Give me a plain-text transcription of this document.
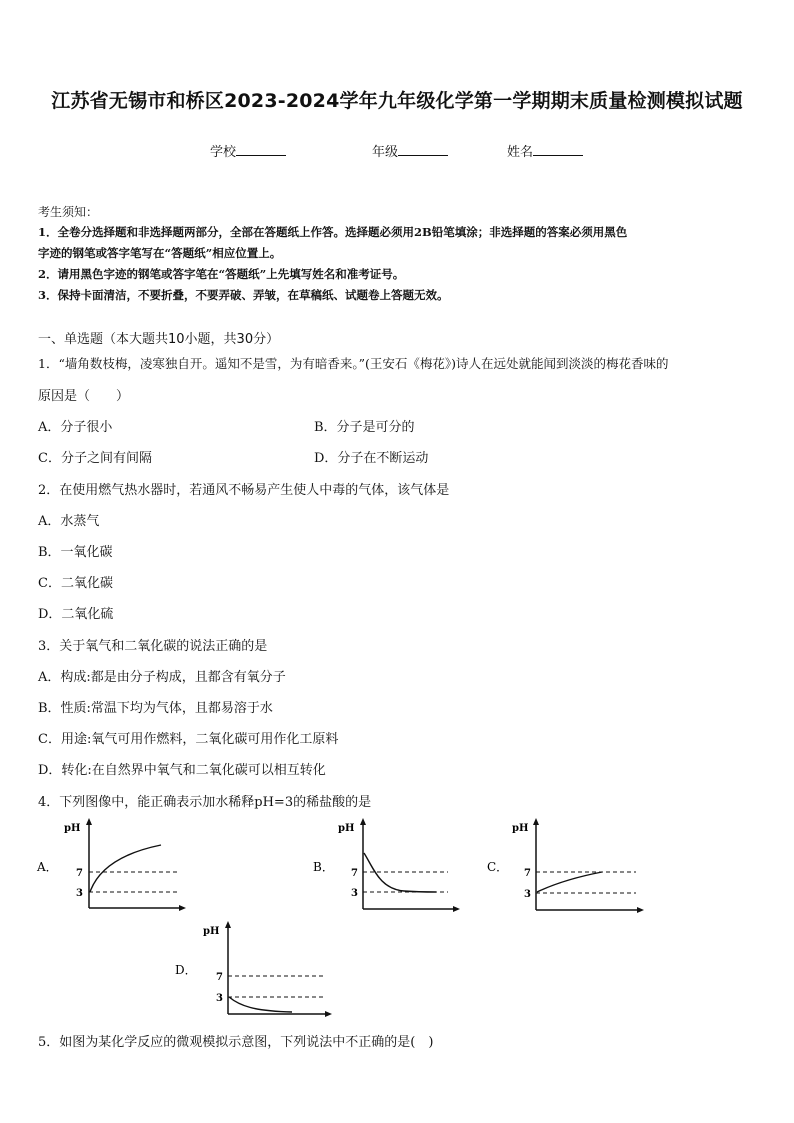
江苏省无锡市和桥区2023-2024学年九年级化学第一学期期末质量检测模拟试题
学校	年级	姓名
考生须知：
1．全卷分选择题和非选择题两部分，全部在答题纸上作答。选择题必须用2B铅笔填涂；非选择题的答案必须用黑色
字迹的钢笔或答字笔写在“答题纸”相应位置上。
2．请用黑色字迹的钢笔或答字笔在“答题纸”上先填写姓名和准考证号。
3．保持卡面清洁，不要折叠，不要弄破、弄皱，在草稿纸、试题卷上答题无效。
一、单选题（本大题共10小题，共30分）
1．“墙角数枝梅，凌寒独自开。遥知不是雪，为有暗香来。”(王安石《梅花》)诗人在远处就能闻到淡淡的梅花香味的
原因是（　　）
A．分子很小	B．分子是可分的
C．分子之间有间隔	D．分子在不断运动
2．在使用燃气热水器时，若通风不畅易产生使人中毒的气体，该气体是
A．水蒸气
B．一氧化碳
C．二氧化碳
D．二氧化硫
3．关于氧气和二氧化碳的说法正确的是
A．构成:都是由分子构成，且都含有氧分子
B．性质:常温下均为气体，且都易溶于水
C．用途:氧气可用作燃料，二氧化碳可用作化工原料
D．转化:在自然界中氧气和二氧化碳可以相互转化
4．下列图像中，能正确表示加水稀释pH=3的稀盐酸的是
A．
pH
7
3
B．
pH
7
3
C．
pH
7
3
D．
pH
7
3
5．如图为某化学反应的微观模拟示意图，下列说法中不正确的是(　)
